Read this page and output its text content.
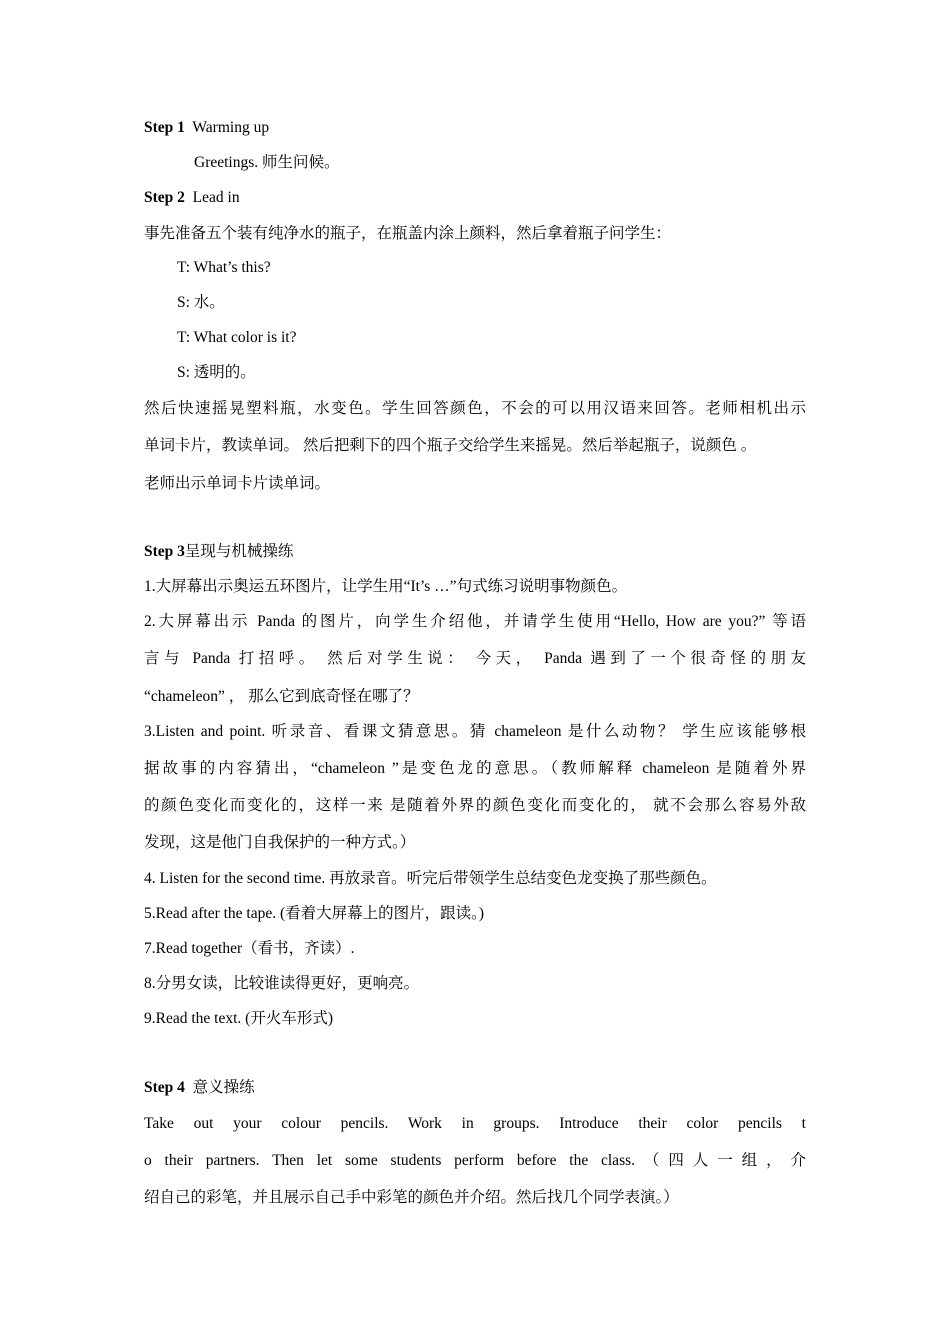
Step 1 Warming up
Greetings. 师生问候。
Step 2 Lead in
事先准备五个装有纯净水的瓶子，在瓶盖内涂上颜料，然后拿着瓶子问学生：
T: What’s this?
S: 水。
T: What color is it?
S: 透明的。
然后快速摇晃塑料瓶，水变色。学生回答颜色，不会的可以用汉语来回答。老师相机出示
单词卡片，教读单词。 然后把剩下的四个瓶子交给学生来摇晃。然后举起瓶子，说颜色 。
老师出示单词卡片读单词。
Step 3呈现与机械操练
1.大屏幕出示奥运五环图片，让学生用“It’s …”句式练习说明事物颜色。
2.大屏幕出示 Panda 的图片，向学生介绍他，并请学生使用“Hello, How are you?” 等语
言与 Panda 打招呼。 然后对学生说： 今天， Panda 遇到了一个很奇怪的朋友
“chameleon” ， 那么它到底奇怪在哪了？
3.Listen and point. 听录音、看课文猜意思。猜 chameleon 是什么动物？ 学生应该能够根
据故事的内容猜出，“chameleon ”是变色龙的意思。（教师解释 chameleon 是随着外界
的颜色变化而变化的，这样一来 是随着外界的颜色变化而变化的， 就不会那么容易外敌
发现，这是他门自我保护的一种方式。）
4. Listen for the second time. 再放录音。听完后带领学生总结变色龙变换了那些颜色。
5.Read after the tape. (看着大屏幕上的图片，跟读。)
7.Read together（看书，齐读）.
8.分男女读，比较谁读得更好，更响亮。
9.Read the text. (开火车形式)
Step 4 意义操练
Take out your colour pencils. Work in groups. Introduce their color pencils t
o their partners. Then let some students perform before the class.（四人一组，介
绍自己的彩笔，并且展示自己手中彩笔的颜色并介绍。然后找几个同学表演。）
